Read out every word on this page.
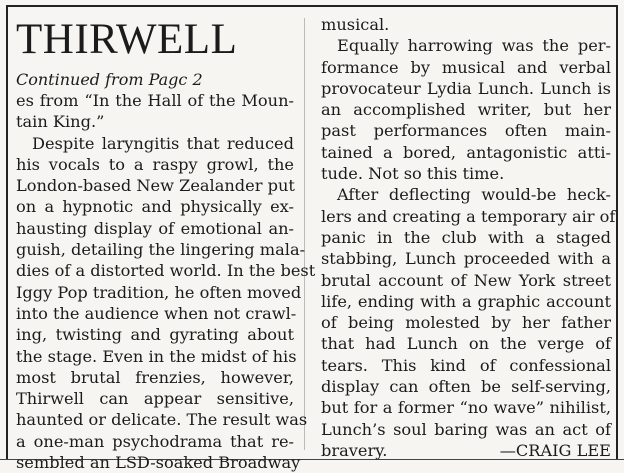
THIRWELL
Continued from Pagc 2
es from “In the Hall of the Moun-
tain King.”
Despite laryngitis that reduced
his vocals to a raspy growl, the
London-based New Zealander put
on a hypnotic and physically ex-
hausting display of emotional an-
guish, detailing the lingering mala-
dies of a distorted world. In the best
Iggy Pop tradition, he often moved
into the audience when not crawl-
ing, twisting and gyrating about
the stage. Even in the midst of his
most brutal frenzies, however,
Thirwell can appear sensitive,
haunted or delicate. The result was
a one-man psychodrama that re-
sembled an LSD-soaked Broadway
musical.
Equally harrowing was the per-
formance by musical and verbal
provocateur Lydia Lunch. Lunch is
an accomplished writer, but her
past performances often main-
tained a bored, antagonistic atti-
tude. Not so this time.
After deflecting would-be heck-
lers and creating a temporary air of
panic in the club with a staged
stabbing, Lunch proceeded with a
brutal account of New York street
life, ending with a graphic account
of being molested by her father
that had Lunch on the verge of
tears. This kind of confessional
display can often be self-serving,
but for a former “no wave” nihilist,
Lunch’s soul baring was an act of
bravery.	—CRAIG LEE
